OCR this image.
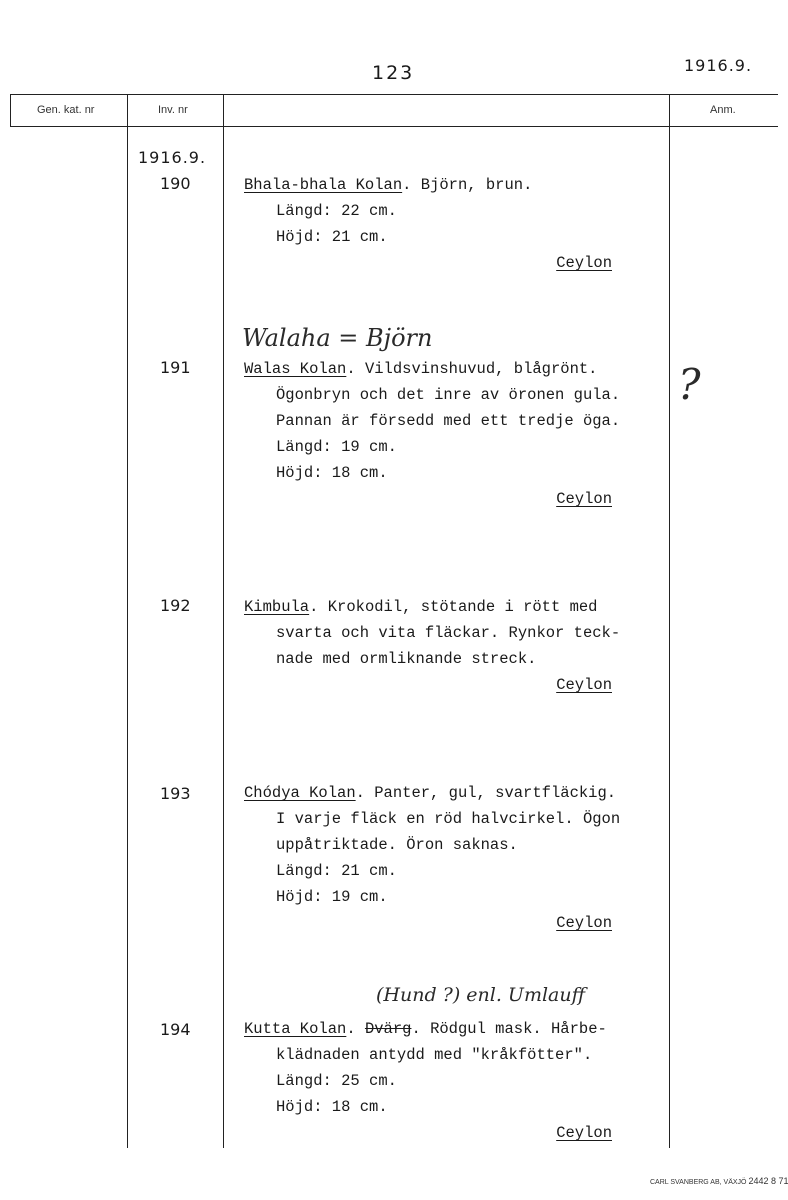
123	1916.9.
Gen. kat. nr	Inv. nr	Anm.
1916.9.
190	Bhala-bhala Kolan. Björn, brun.
Längd: 22 cm.
Höjd: 21 cm.
Ceylon
Walaha = Björn
191	Walas Kolan. Vildsvinshuvud, blågrönt.
Ögonbryn och det inre av öronen gula.
Pannan är försedd med ett tredje öga.
Längd: 19 cm.
Höjd: 18 cm.
Ceylon
?
192	Kimbula. Krokodil, stötande i rött med
svarta och vita fläckar. Rynkor teck-
nade med ormliknande streck.
Ceylon
193	Chódya Kolan. Panter, gul, svartfläckig.
I varje fläck en röd halvcirkel. Ögon
uppåtriktade. Öron saknas.
Längd: 21 cm.
Höjd: 19 cm.
Ceylon
(Hund ?) enl. Umlauff
194	Kutta Kolan. Dvärg. Rödgul mask. Hårbe-
klädnaden antydd med "kråkfötter".
Längd: 25 cm.
Höjd: 18 cm.
Ceylon
CARL SVANBERG AB, VÄXJÖ 2442 8 71
